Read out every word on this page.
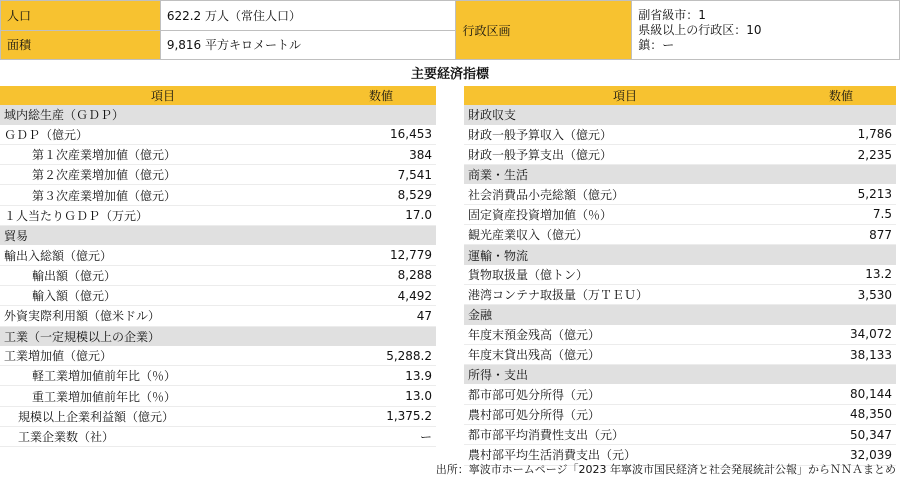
人口	622.2 万人（常住人口）	行政区画	副省級市：1
県級以上の行政区：10
鎮：ー

面積	9,816 平方キロメートル		
主要経済指標
項目	数値
域内総生産（ＧＤＰ）	
ＧＤＰ（億元）	16,453
第１次産業増加値（億元）	384
第２次産業増加値（億元）	7,541
第３次産業増加値（億元）	8,529
１人当たりＧＤＰ（万元）	17.0
貿易	
輸出入総額（億元）	12,779
輸出額（億元）	8,288
輸入額（億元）	4,492
外資実際利用額（億米ドル）	47
工業（一定規模以上の企業）	
工業増加値（億元）	5,288.2
軽工業増加値前年比（％）	13.9
重工業増加値前年比（％）	13.0
規模以上企業利益額（億元）	1,375.2
工業企業数（社）	ー
項目	数値
財政収支	
財政一般予算収入（億元）	1,786
財政一般予算支出（億元）	2,235
商業・生活	
社会消費品小売総額（億元）	5,213
固定資産投資増加値（％）	7.5
観光産業収入（億元）	877
運輸・物流	
貨物取扱量（億トン）	13.2
港湾コンテナ取扱量（万ＴＥＵ）	3,530
金融	
年度末預金残高（億元）	34,072
年度末貸出残高（億元）	38,133
所得・支出	
都市部可処分所得（元）	80,144
農村部可処分所得（元）	48,350
都市部平均消費性支出（元）	50,347
農村部平均生活消費支出（元）	32,039
出所：寧波市ホームページ「2023 年寧波市国民経済と社会発展統計公報」からＮＮＡまとめ
